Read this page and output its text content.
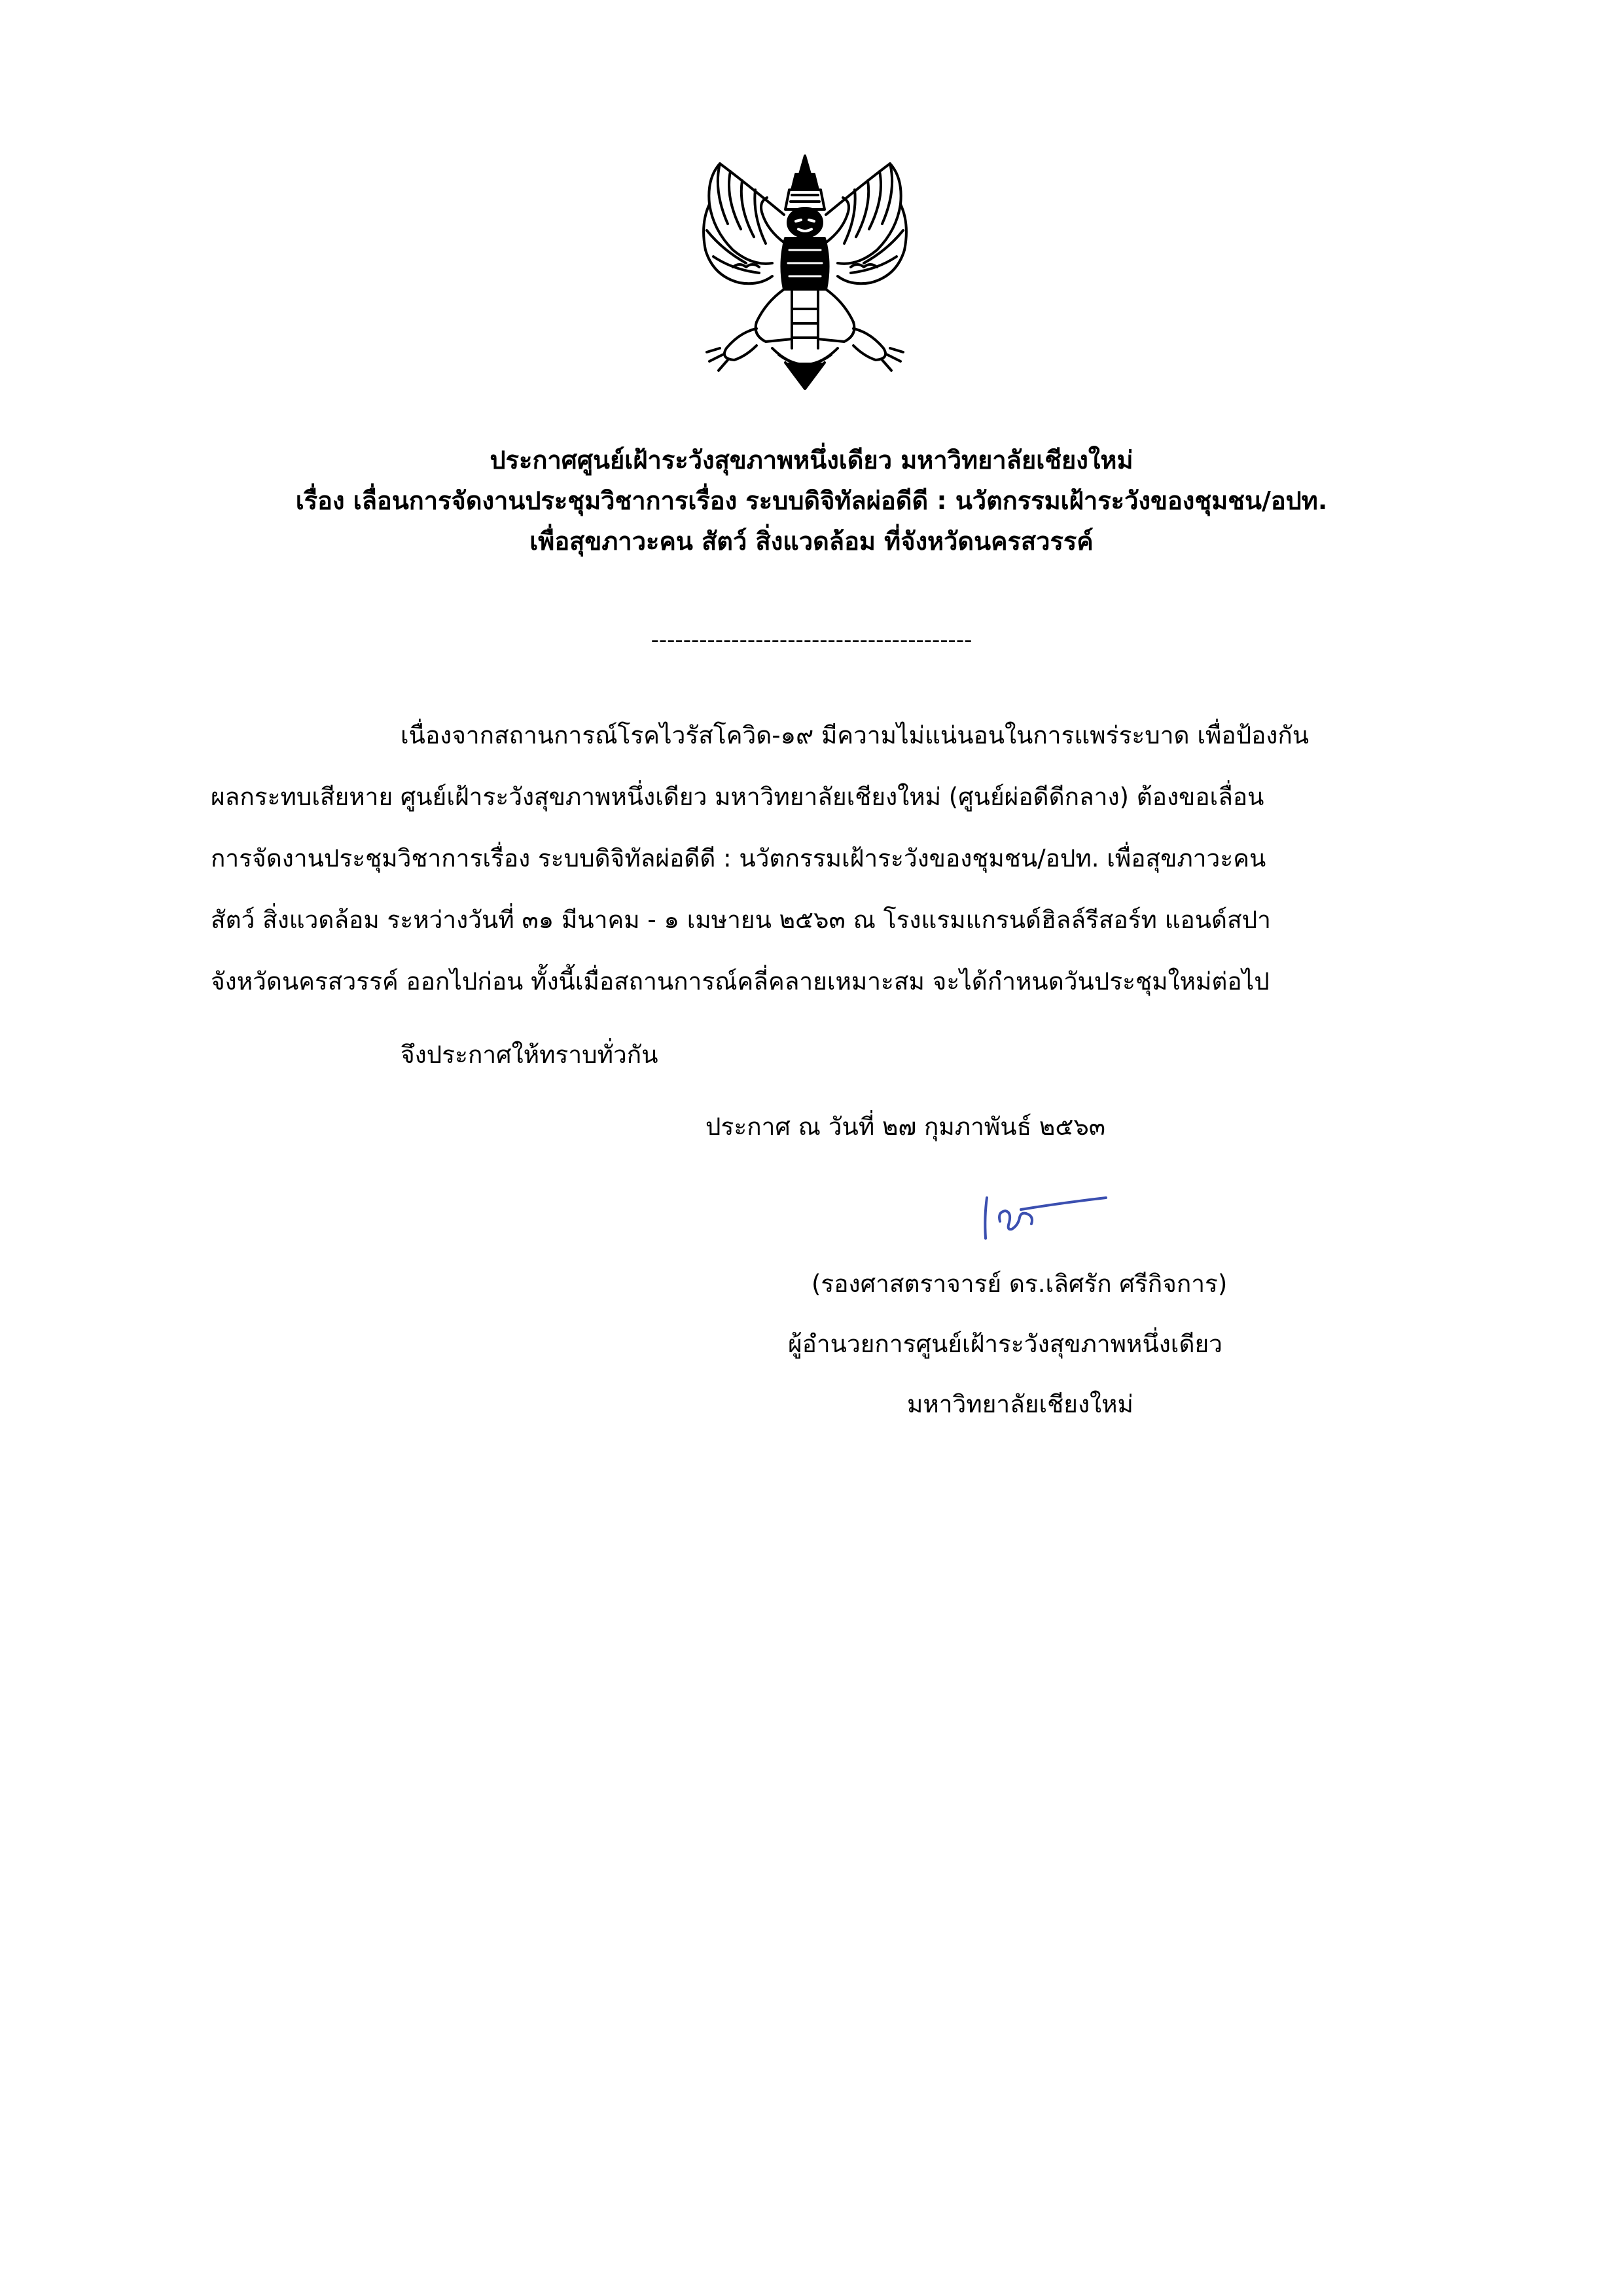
ประกาศศูนย์เฝ้าระวังสุขภาพหนึ่งเดียว มหาวิทยาลัยเชียงใหม่
เรื่อง เลื่อนการจัดงานประชุมวิชาการเรื่อง ระบบดิจิทัลผ่อดีดี : นวัตกรรมเฝ้าระวังของชุมชน/อปท.
เพื่อสุขภาวะคน สัตว์ สิ่งแวดล้อม ที่จังหวัดนครสวรรค์
----------------------------------------
เนื่องจากสถานการณ์โรคไวรัสโควิด-๑๙ มีความไม่แน่นอนในการแพร่ระบาด เพื่อป้องกัน
ผลกระทบเสียหาย ศูนย์เฝ้าระวังสุขภาพหนึ่งเดียว มหาวิทยาลัยเชียงใหม่ (ศูนย์ผ่อดีดีกลาง) ต้องขอเลื่อน
การจัดงานประชุมวิชาการเรื่อง ระบบดิจิทัลผ่อดีดี : นวัตกรรมเฝ้าระวังของชุมชน/อปท. เพื่อสุขภาวะคน
สัตว์ สิ่งแวดล้อม ระหว่างวันที่ ๓๑ มีนาคม - ๑ เมษายน ๒๕๖๓ ณ โรงแรมแกรนด์ฮิลล์รีสอร์ท แอนด์สปา
จังหวัดนครสวรรค์ ออกไปก่อน ทั้งนี้เมื่อสถานการณ์คลี่คลายเหมาะสม จะได้กำหนดวันประชุมใหม่ต่อไป
จึงประกาศให้ทราบทั่วกัน
ประกาศ ณ วันที่ ๒๗ กุมภาพันธ์ ๒๕๖๓
(รองศาสตราจารย์ ดร.เลิศรัก ศรีกิจการ)
ผู้อำนวยการศูนย์เฝ้าระวังสุขภาพหนึ่งเดียว
มหาวิทยาลัยเชียงใหม่
